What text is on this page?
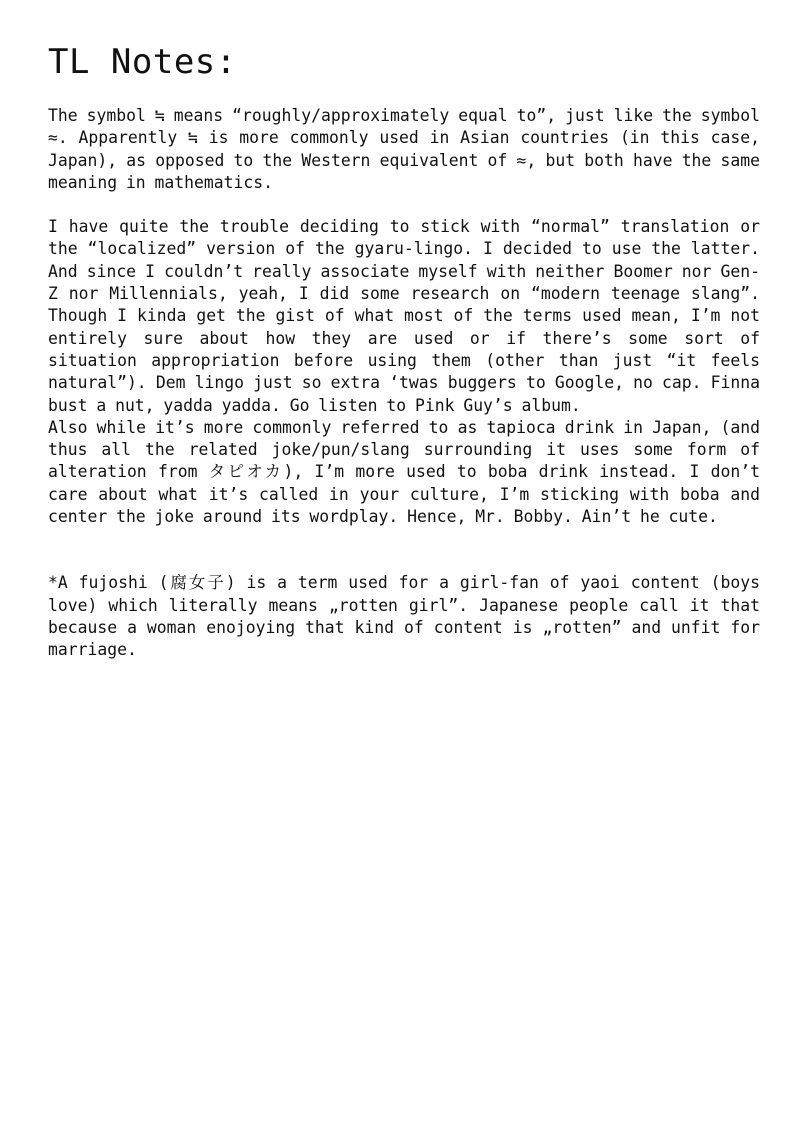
TL Notes:

The symbol ≒ means “roughly/approximately equal to”, just like the symbol ≈. Apparently ≒ is more commonly used in Asian countries (in this case, Japan), as opposed to the Western equivalent of ≈, but both have the same meaning in mathematics.

I have quite the trouble deciding to stick with “normal” translation or the “localized” version of the gyaru-lingo. I decided to use the latter. And since I couldn’t really associate myself with neither Boomer nor Gen-Z nor Millennials, yeah, I did some research on “modern teenage slang”. Though I kinda get the gist of what most of the terms used mean, I’m not entirely sure about how they are used or if there’s some sort of situation appropriation before using them (other than just “it feels natural”). Dem lingo just so extra ‘twas buggers to Google, no cap. Finna bust a nut, yadda yadda. Go listen to Pink Guy’s album.

Also while it’s more commonly referred to as tapioca drink in Japan, (and thus all the related joke/pun/slang surrounding it uses some form of alteration from タピオカ), I’m more used to boba drink instead. I don’t care about what it’s called in your culture, I’m sticking with boba and center the joke around its wordplay. Hence, Mr. Bobby. Ain’t he cute.

*A fujoshi (腐女子) is a term used for a girl-fan of yaoi content (boys love) which literally means „rotten girl”. Japanese people call it that because a woman enojoying that kind of content is „rotten” and unfit for marriage.
